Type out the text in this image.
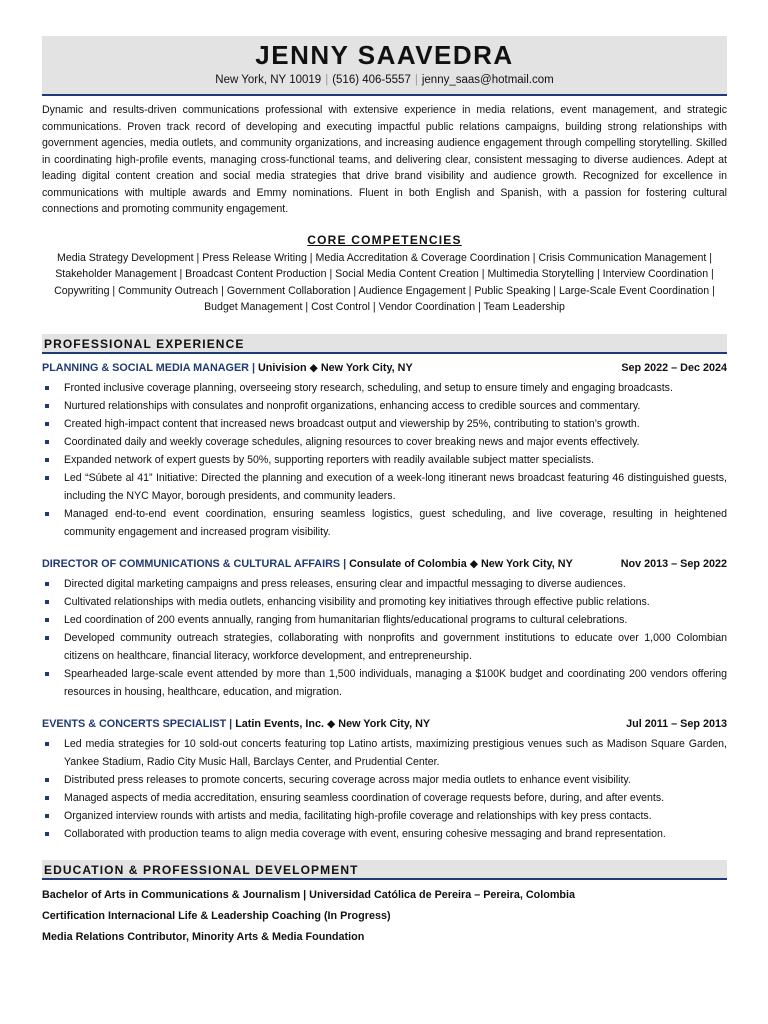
JENNY SAAVEDRA
New York, NY 10019 | (516) 406-5557 | jenny_saas@hotmail.com

Dynamic and results-driven communications professional with extensive experience in media relations, event management, and strategic communications. Proven track record of developing and executing impactful public relations campaigns, building strong relationships with government agencies, media outlets, and community organizations, and increasing audience engagement through compelling storytelling. Skilled in coordinating high-profile events, managing cross-functional teams, and delivering clear, consistent messaging to diverse audiences. Adept at leading digital content creation and social media strategies that drive brand visibility and audience growth. Recognized for excellence in communications with multiple awards and Emmy nominations. Fluent in both English and Spanish, with a passion for fostering cultural connections and promoting community engagement.

CORE COMPETENCIES

Media Strategy Development | Press Release Writing | Media Accreditation & Coverage Coordination | Crisis Communication Management | Stakeholder Management | Broadcast Content Production | Social Media Content Creation | Multimedia Storytelling | Interview Coordination | Copywriting | Community Outreach | Government Collaboration | Audience Engagement | Public Speaking | Large-Scale Event Coordination | Budget Management | Cost Control | Vendor Coordination | Team Leadership

PROFESSIONAL EXPERIENCE
PLANNING & SOCIAL MEDIA MANAGER | Univision ◆ New York City, NY	Sep 2022 – Dec 2024
Fronted inclusive coverage planning, overseeing story research, scheduling, and setup to ensure timely and engaging broadcasts.
Nurtured relationships with consulates and nonprofit organizations, enhancing access to credible sources and commentary.
Created high-impact content that increased news broadcast output and viewership by 25%, contributing to station’s growth.
Coordinated daily and weekly coverage schedules, aligning resources to cover breaking news and major events effectively.
Expanded network of expert guests by 50%, supporting reporters with readily available subject matter specialists.
Led “Súbete al 41” Initiative: Directed the planning and execution of a week-long itinerant news broadcast featuring 46 distinguished guests, including the NYC Mayor, borough presidents, and community leaders.
Managed end-to-end event coordination, ensuring seamless logistics, guest scheduling, and live coverage, resulting in heightened community engagement and increased program visibility.
DIRECTOR OF COMMUNICATIONS & CULTURAL AFFAIRS | Consulate of Colombia ◆ New York City, NY	Nov 2013 – Sep 2022
Directed digital marketing campaigns and press releases, ensuring clear and impactful messaging to diverse audiences.
Cultivated relationships with media outlets, enhancing visibility and promoting key initiatives through effective public relations.
Led coordination of 200 events annually, ranging from humanitarian flights/educational programs to cultural celebrations.
Developed community outreach strategies, collaborating with nonprofits and government institutions to educate over 1,000 Colombian citizens on healthcare, financial literacy, workforce development, and entrepreneurship.
Spearheaded large-scale event attended by more than 1,500 individuals, managing a $100K budget and coordinating 200 vendors offering resources in housing, healthcare, education, and migration.
EVENTS & CONCERTS SPECIALIST | Latin Events, Inc. ◆ New York City, NY	Jul 2011 – Sep 2013
Led media strategies for 10 sold-out concerts featuring top Latino artists, maximizing prestigious venues such as Madison Square Garden, Yankee Stadium, Radio City Music Hall, Barclays Center, and Prudential Center.
Distributed press releases to promote concerts, securing coverage across major media outlets to enhance event visibility.
Managed aspects of media accreditation, ensuring seamless coordination of coverage requests before, during, and after events.
Organized interview rounds with artists and media, facilitating high-profile coverage and relationships with key press contacts.
Collaborated with production teams to align media coverage with event, ensuring cohesive messaging and brand representation.
EDUCATION & PROFESSIONAL DEVELOPMENT
Bachelor of Arts in Communications & Journalism | Universidad Católica de Pereira – Pereira, Colombia
Certification Internacional Life & Leadership Coaching (In Progress)
Media Relations Contributor, Minority Arts & Media Foundation
